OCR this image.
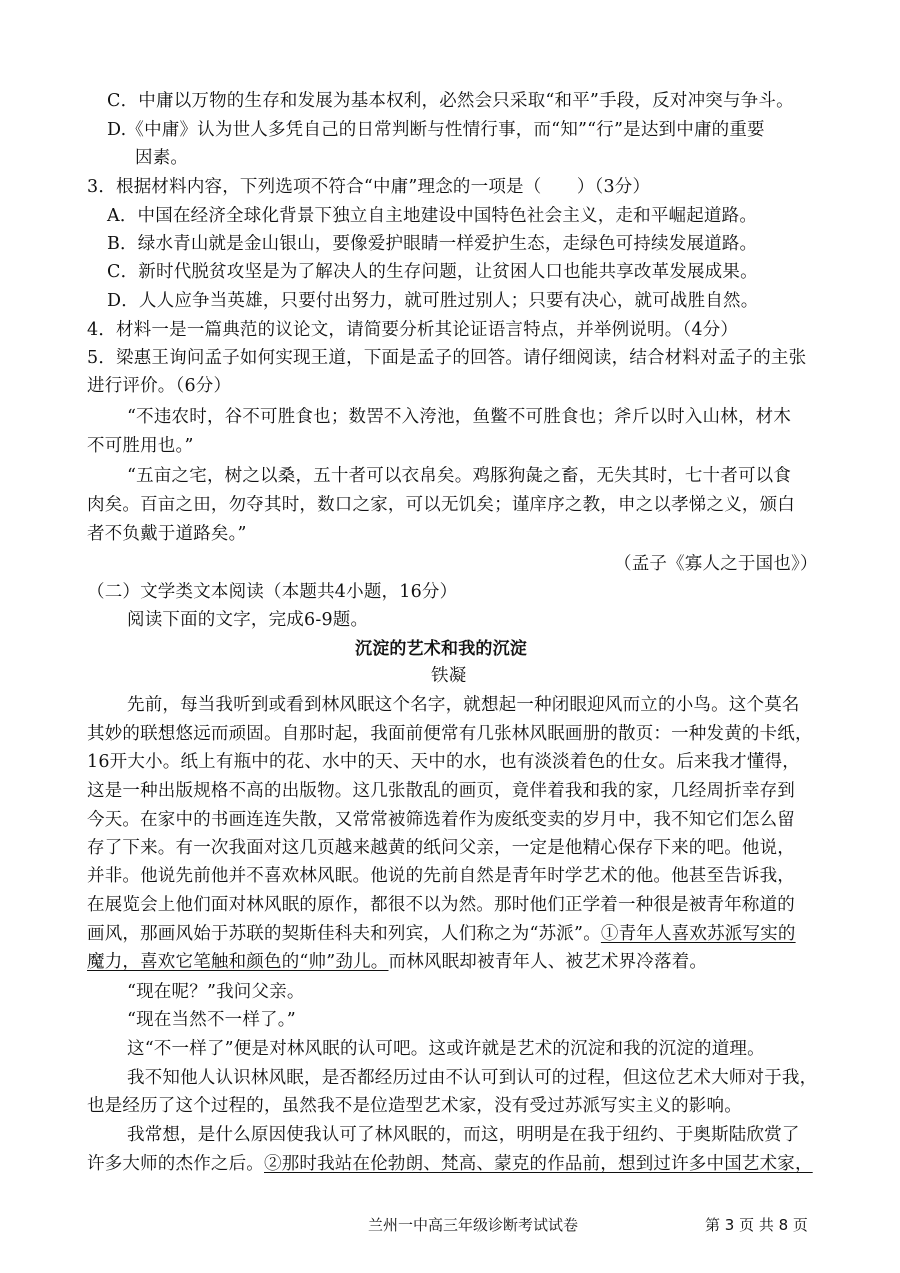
C．中庸以万物的生存和发展为基本权利，必然会只采取“和平”手段，反对冲突与争斗。
D.《中庸》认为世人多凭自己的日常判断与性情行事，而“知”“行”是达到中庸的重要
因素。
3．根据材料内容，下列选项不符合“中庸”理念的一项是（　　）（3分）
A．中国在经济全球化背景下独立自主地建设中国特色社会主义，走和平崛起道路。
B．绿水青山就是金山银山，要像爱护眼睛一样爱护生态，走绿色可持续发展道路。
C．新时代脱贫攻坚是为了解决人的生存问题，让贫困人口也能共享改革发展成果。
D．人人应争当英雄，只要付出努力，就可胜过别人；只要有决心，就可战胜自然。
4．材料一是一篇典范的议论文，请简要分析其论证语言特点，并举例说明。（4分）
5．梁惠王询问孟子如何实现王道，下面是孟子的回答。请仔细阅读，结合材料对孟子的主张
进行评价。（6分）
“不违农时，谷不可胜食也；数罟不入洿池，鱼鳖不可胜食也；斧斤以时入山林，材木
不可胜用也。”
“五亩之宅，树之以桑，五十者可以衣帛矣。鸡豚狗彘之畜，无失其时，七十者可以食
肉矣。百亩之田，勿夺其时，数口之家，可以无饥矣；谨庠序之教，申之以孝悌之义，颁白
者不负戴于道路矣。”
（孟子《寡人之于国也》）
（二）文学类文本阅读（本题共4小题，16分）
阅读下面的文字，完成6-9题。
沉淀的艺术和我的沉淀
铁凝
先前，每当我听到或看到林风眠这个名字，就想起一种闭眼迎风而立的小鸟。这个莫名
其妙的联想悠远而顽固。自那时起，我面前便常有几张林风眠画册的散页：一种发黄的卡纸，
16开大小。纸上有瓶中的花、水中的天、天中的水，也有淡淡着色的仕女。后来我才懂得，
这是一种出版规格不高的出版物。这几张散乱的画页，竟伴着我和我的家，几经周折幸存到
今天。在家中的书画连连失散，又常常被筛选着作为废纸变卖的岁月中，我不知它们怎么留
存了下来。有一次我面对这几页越来越黄的纸问父亲，一定是他精心保存下来的吧。他说，
并非。他说先前他并不喜欢林风眠。他说的先前自然是青年时学艺术的他。他甚至告诉我，
在展览会上他们面对林风眠的原作，都很不以为然。那时他们正学着一种很是被青年称道的
画风，那画风始于苏联的契斯佳科夫和列宾，人们称之为“苏派”。①青年人喜欢苏派写实的
魔力，喜欢它笔触和颜色的“帅”劲儿。而林风眠却被青年人、被艺术界冷落着。
“现在呢？”我问父亲。
“现在当然不一样了。”
这“不一样了”便是对林风眠的认可吧。这或许就是艺术的沉淀和我的沉淀的道理。
我不知他人认识林风眠，是否都经历过由不认可到认可的过程，但这位艺术大师对于我，
也是经历了这个过程的，虽然我不是位造型艺术家，没有受过苏派写实主义的影响。
我常想，是什么原因使我认可了林风眠的，而这，明明是在我于纽约、于奥斯陆欣赏了
许多大师的杰作之后。②那时我站在伦勃朗、梵高、蒙克的作品前，想到过许多中国艺术家，
兰州一中高三年级诊断考试试卷	第 3 页 共 8 页
